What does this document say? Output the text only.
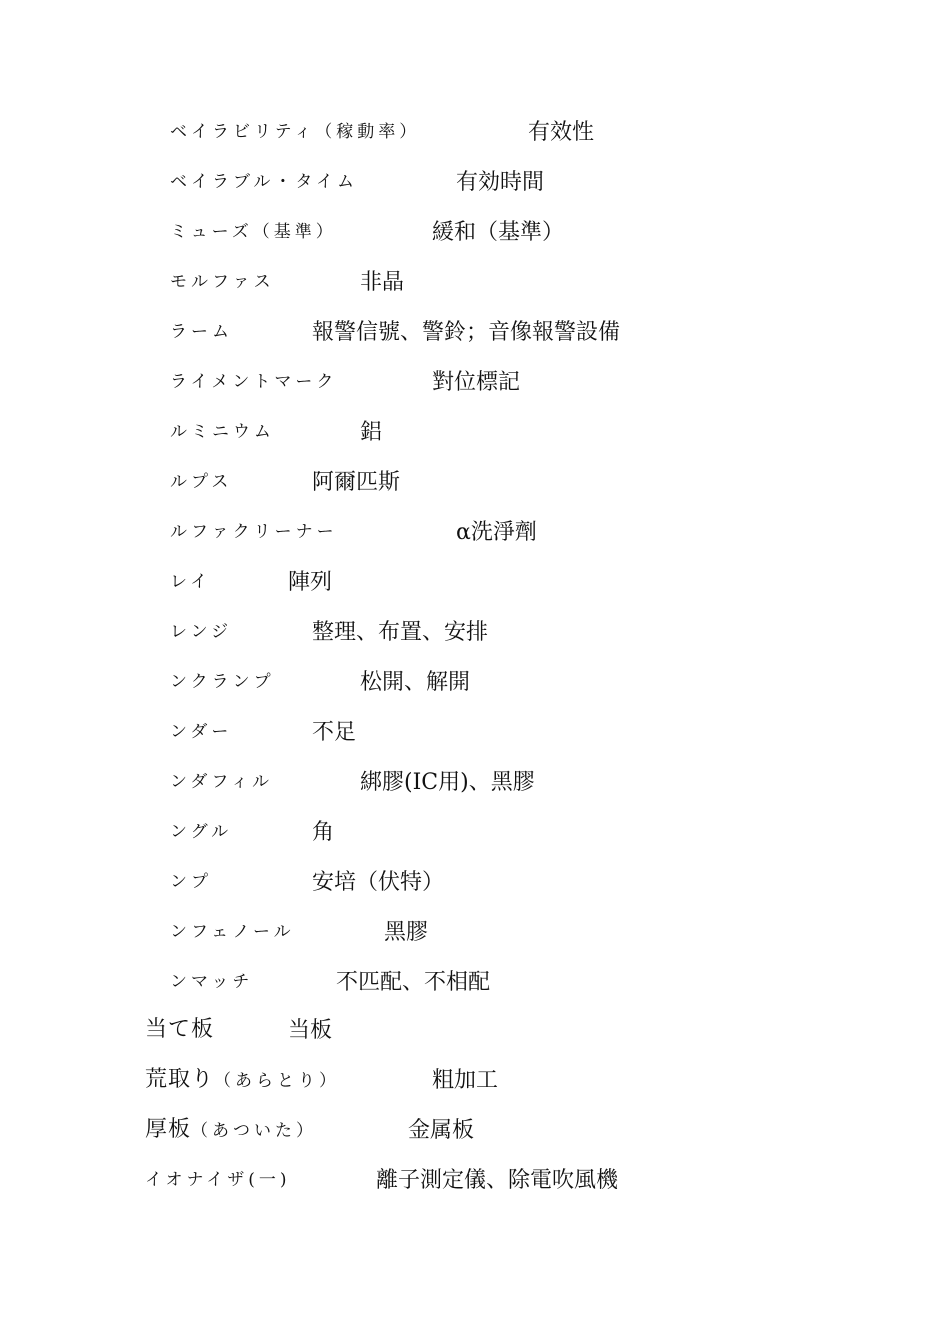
ベイラビリティ（稼動率）	有效性
ベイラブル・タイム	有効時間
ミューズ（基準）	緩和（基準）
モルファス	非晶
ラーム	報警信號、警鈴；音像報警設備
ライメントマーク	對位標記
ルミニウム	鋁
ルプス	阿爾匹斯
ルファクリーナー	α洗淨劑
レイ	陣列
レンジ	整理、布置、安排
ンクランプ	松開、解開
ンダー	不足
ンダフィル	綁膠(IC用)、黑膠
ングル	角
ンプ	安培（伏特）
ンフェノール	黑膠
ンマッチ	不匹配、不相配
当て板	当板
荒取り（あらとり）	粗加工
厚板（あついた）	金属板
イオナイザ(一)	離子測定儀、除電吹風機
